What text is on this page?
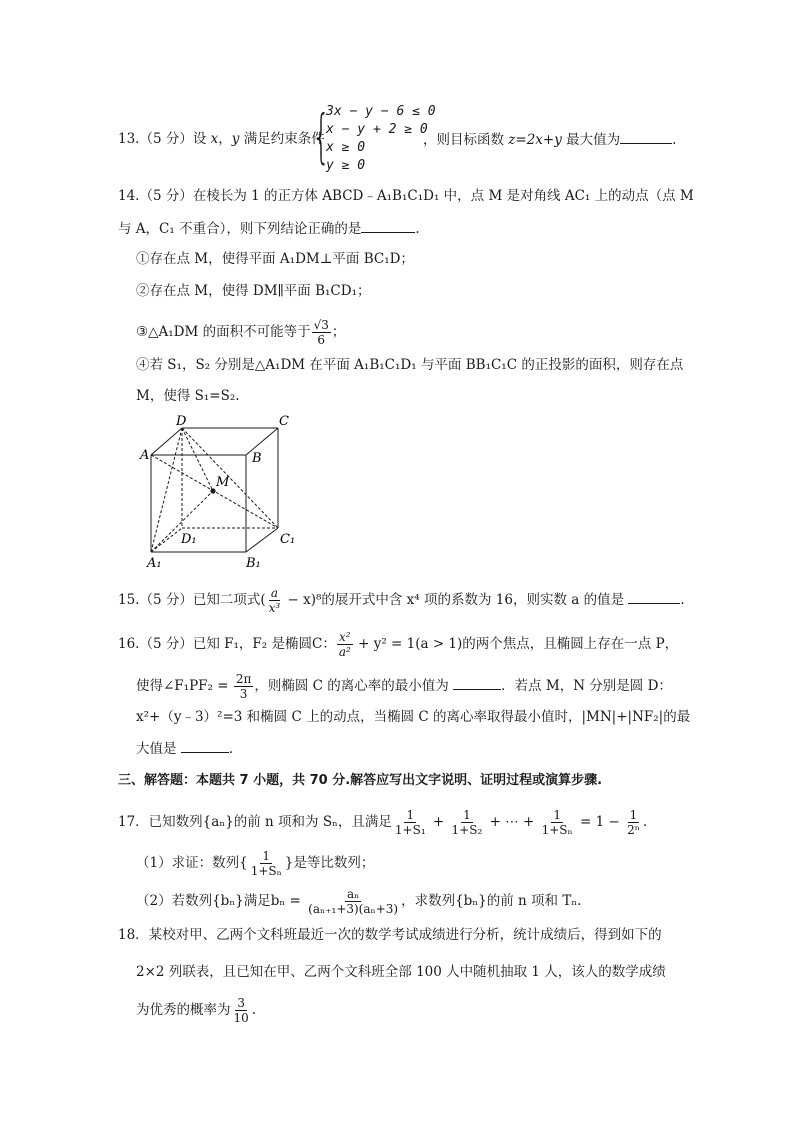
13.（5 分）设 x，y 满足约束条件
{
3x − y − 6 ≤ 0
x − y + 2 ≥ 0
x ≥ 0
y ≥ 0
，则目标函数 z=2x+y 最大值为	.
14.（5 分）在棱长为 1 的正方体 ABCD﹣A₁B₁C₁D₁ 中，点 M 是对角线 AC₁ 上的动点（点 M
与 A，C₁ 不重合），则下列结论正确的是	.
①存在点 M，使得平面 A₁DM⊥平面 BC₁D；
②存在点 M，使得 DM∥平面 B₁CD₁；
③△A₁DM 的面积不可能等于 $\frac{√3}{6}$ ；
④若 S₁，S₂ 分别是△A₁DM 在平面 A₁B₁C₁D₁ 与平面 BB₁C₁C 的正投影的面积，则存在点
M，使得 S₁=S₂.
D	C
A	B
M
D₁	C₁
A₁	B₁
15.（5 分）已知二项式( $\frac{a}{\text{x³}} - x)^8$的展开式中含 x⁴ 项的系数为 16，则实数 a 的值是	.
16.（5 分）已知 F₁，F₂ 是椭圆C： $\frac{\text{x²}}{\text{a²}} + y^2 = 1(a > 1)$的两个焦点，且椭圆上存在一点 P，
使得∠F₁PF₂ = $\frac{2\pi}{3}$ ，则椭圆 C 的离心率的最小值为	．若点 M，N 分别是圆 D：
x²+（y﹣3）²=3 和椭圆 C 上的动点，当椭圆 C 的离心率取得最小值时，|MN|+|NF₂|的最
大值是	.
三、解答题：本题共 7 小题，共 70 分.解答应写出文字说明、证明过程或演算步骤.
17．已知数列{aₙ}的前 n 项和为 Sₙ，且满足 $\frac{1}{\text{1+S₁}} + \frac{1}{\text{1+S₂}}$ + ⋯ + $\frac{1}{\text{1+Sₙ}} = 1 - \frac{1}{\text{2ⁿ}}$ .
（1）求证：数列{ $\frac{1}{\text{1+Sₙ}}$ }是等比数列；
（2）若数列{bₙ}满足$b_n = \frac{\text{aₙ}}{\text{(aₙ₊₁+3)(aₙ+3)}}$ ，求数列{bₙ}的前 n 项和 Tₙ.
18．某校对甲、乙两个文科班最近一次的数学考试成绩进行分析，统计成绩后，得到如下的
2×2 列联表，且已知在甲、乙两个文科班全部 100 人中随机抽取 1 人，该人的数学成绩
为优秀的概率为 $\frac{3}{10}$ .
